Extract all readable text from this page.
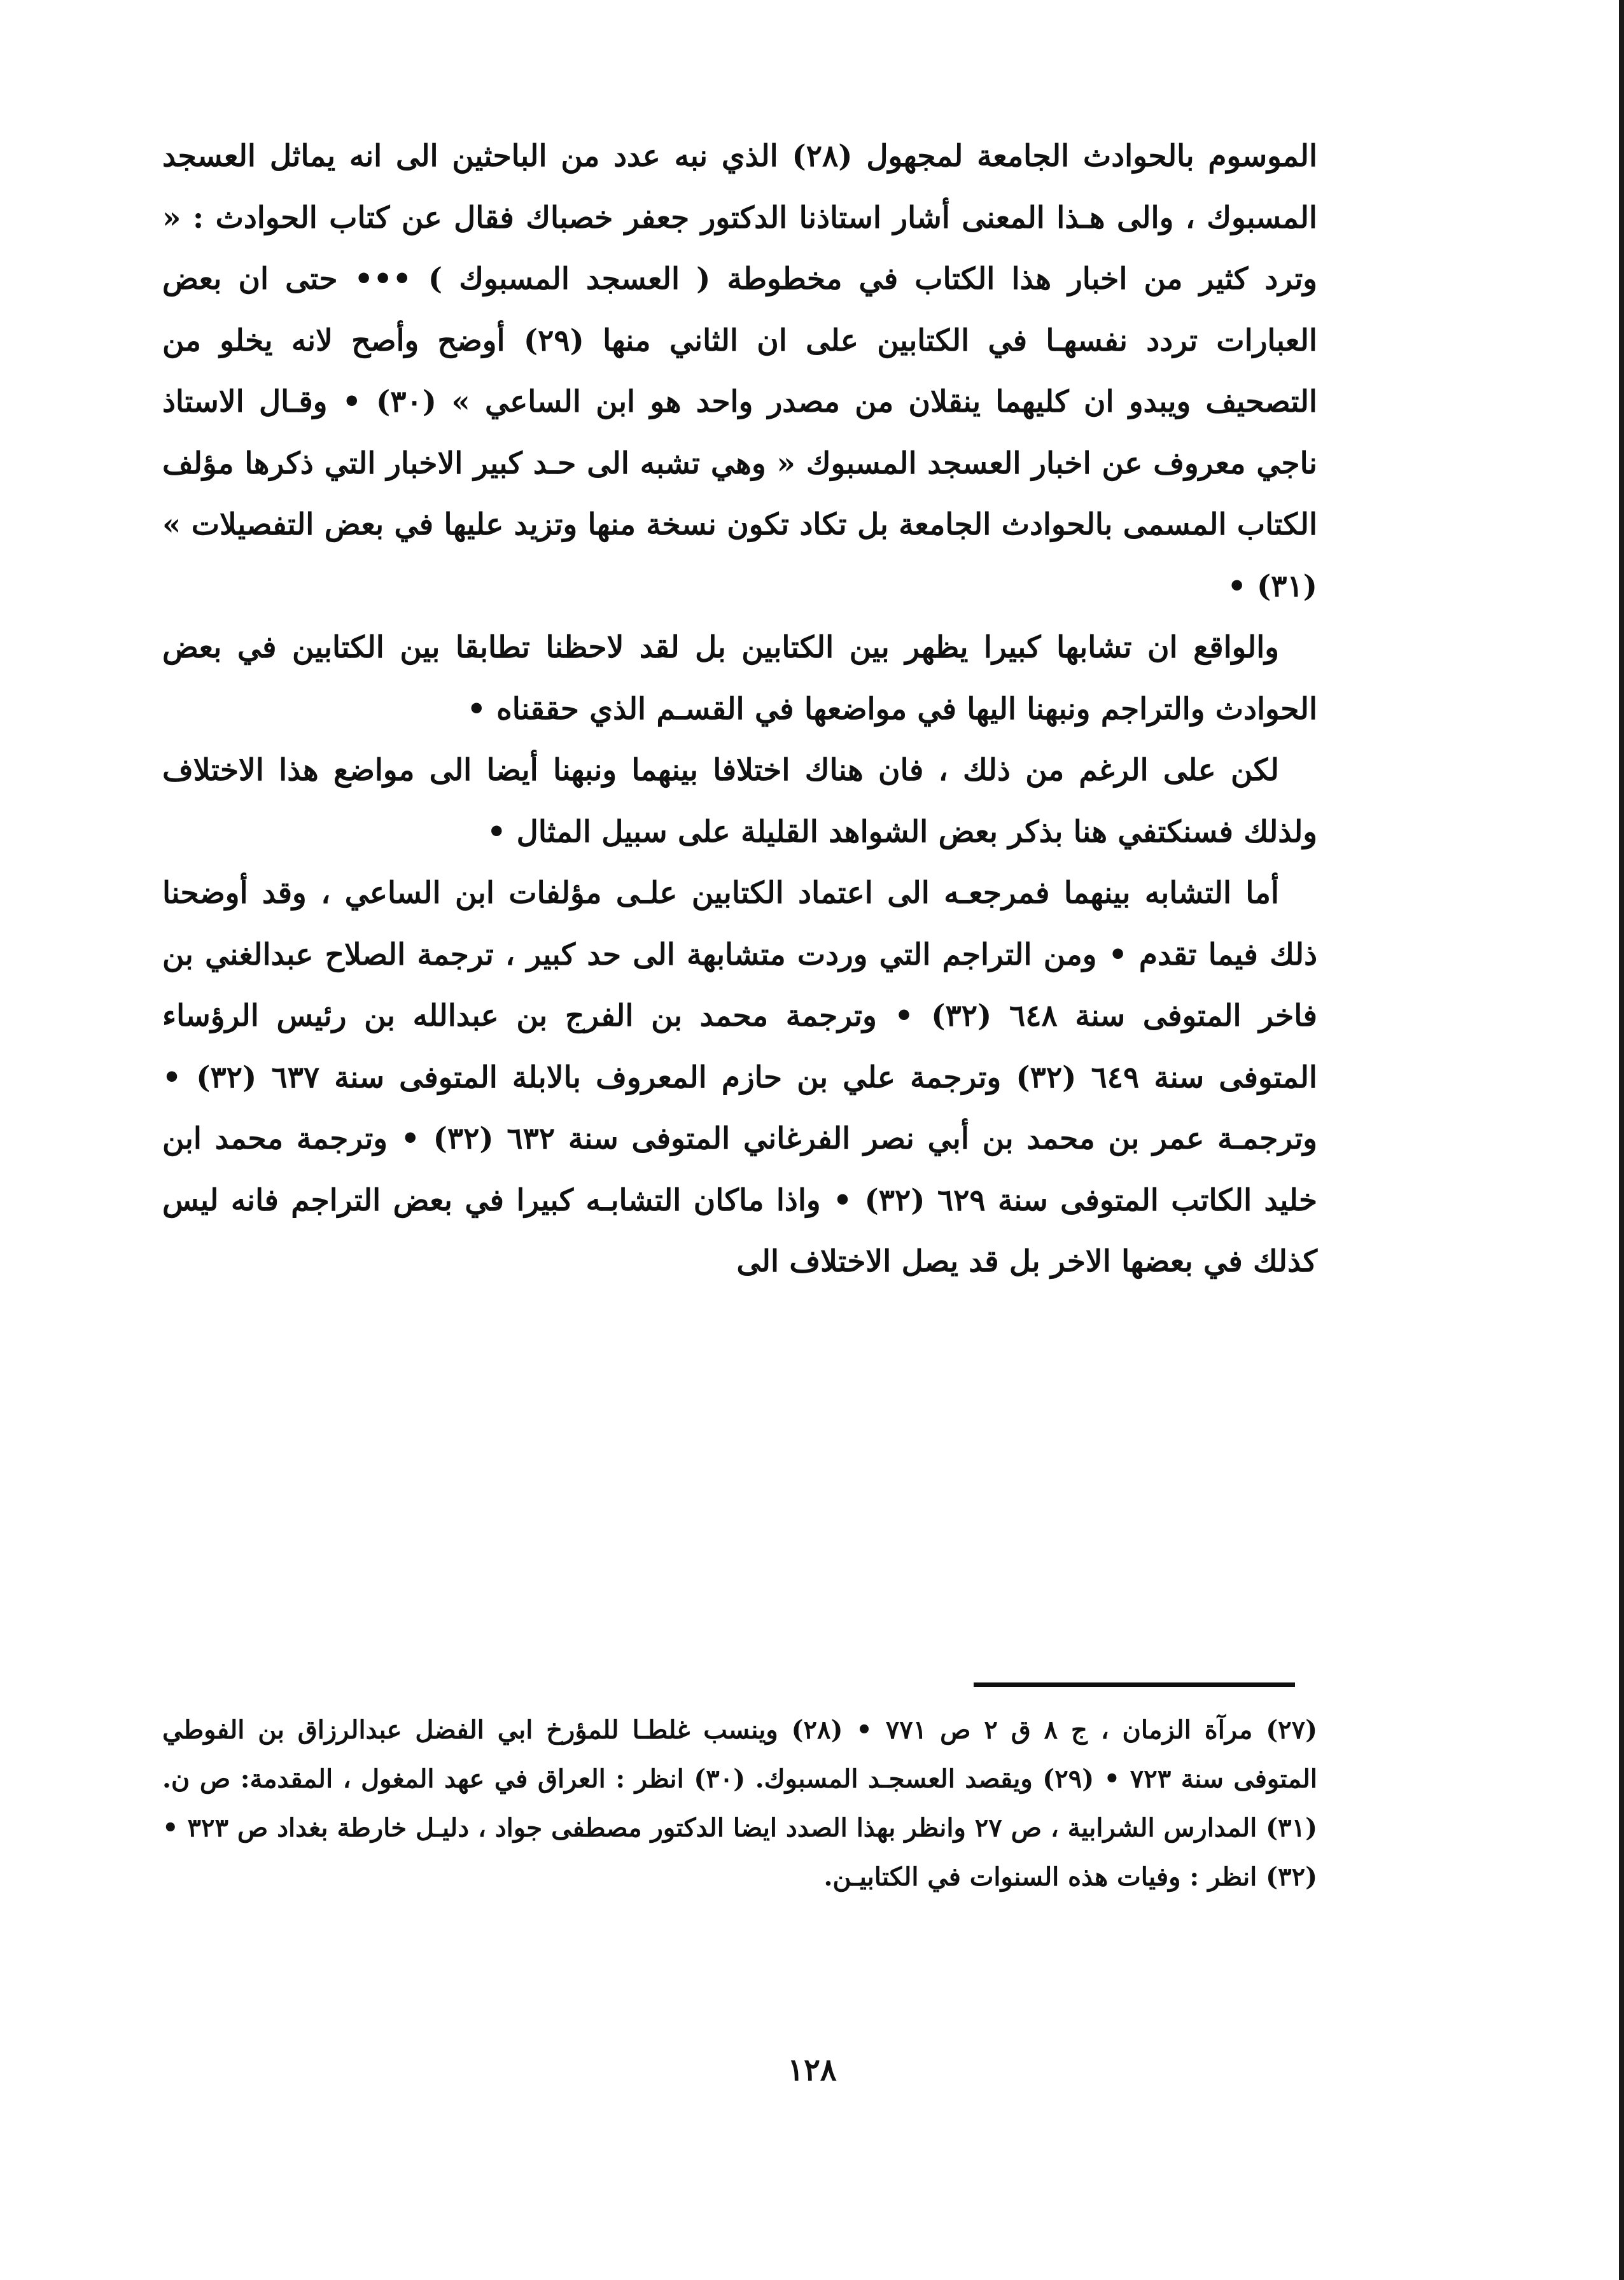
الموسوم بالحوادث الجامعة لمجهول (٢٨) الذي نبه عدد من الباحثين الى انه يماثل العسجد المسبوك ، والى هـذا المعنى أشار استاذنا الدكتور جعفر خصباك فقال عن كتاب الحوادث : « وترد كثير من اخبار هذا الكتاب في مخطوطة ( العسجد المسبوك ) ••• حتى ان بعض العبارات تردد نفسهـا في الكتابين على ان الثاني منها (٢٩) أوضح وأصح لانه يخلو من التصحيف ويبدو ان كليهما ينقلان من مصدر واحد هو ابن الساعي » (٣٠) • وقـال الاستاذ ناجي معروف عن اخبار العسجد المسبوك « وهي تشبه الى حـد كبير الاخبار التي ذكرها مؤلف الكتاب المسمى بالحوادث الجامعة بل تكاد تكون نسخة منها وتزيد عليها في بعض التفصيلات » (٣١) •

والواقع ان تشابها كبيرا يظهر بين الكتابين بل لقد لاحظنا تطابقا بين الكتابين في بعض الحوادث والتراجم ونبهنا اليها في مواضعها في القسـم الذي حققناه •

لكن على الرغم من ذلك ، فان هناك اختلافا بينهما ونبهنا أيضا الى مواضع هذا الاختلاف ولذلك فسنكتفي هنا بذكر بعض الشواهد القليلة على سبيل المثال •

أما التشابه بينهما فمرجعـه الى اعتماد الكتابين علـى مؤلفات ابن الساعي ، وقد أوضحنا ذلك فيما تقدم • ومن التراجم التي وردت متشابهة الى حد كبير ، ترجمة الصلاح عبدالغني بن فاخر المتوفى سنة ٦٤٨ (٣٢) • وترجمة محمد بن الفرج بن عبدالله بن رئيس الرؤساء المتوفى سنة ٦٤٩ (٣٢) وترجمة علي بن حازم المعروف بالابلة المتوفى سنة ٦٣٧ (٣٢) • وترجمـة عمر بن محمد بن أبي نصر الفرغاني المتوفى سنة ٦٣٢ (٣٢) • وترجمة محمد ابن خليد الكاتب المتوفى سنة ٦٢٩ (٣٢) • واذا ماكان التشابـه كبيرا في بعض التراجم فانه ليس كذلك في بعضها الاخر بل قد يصل الاختلاف الى

(٢٧) مرآة الزمان ، ج ٨ ق ٢ ص ٧٧١ • (٢٨) وينسب غلطـا للمؤرخ ابي الفضل عبدالرزاق بن الفوطي المتوفى سنة ٧٢٣ • (٢٩) ويقصد العسجـد المسبوك. (٣٠) انظر : العراق في عهد المغول ، المقدمة: ص ن. (٣١) المدارس الشرابية ، ص ٢٧ وانظر بهذا الصدد ايضا الدكتور مصطفى جواد ، دليـل خارطة بغداد ص ٣٢٣ • (٣٢) انظر : وفيات هذه السنوات في الكتابيـن.

١٢٨
